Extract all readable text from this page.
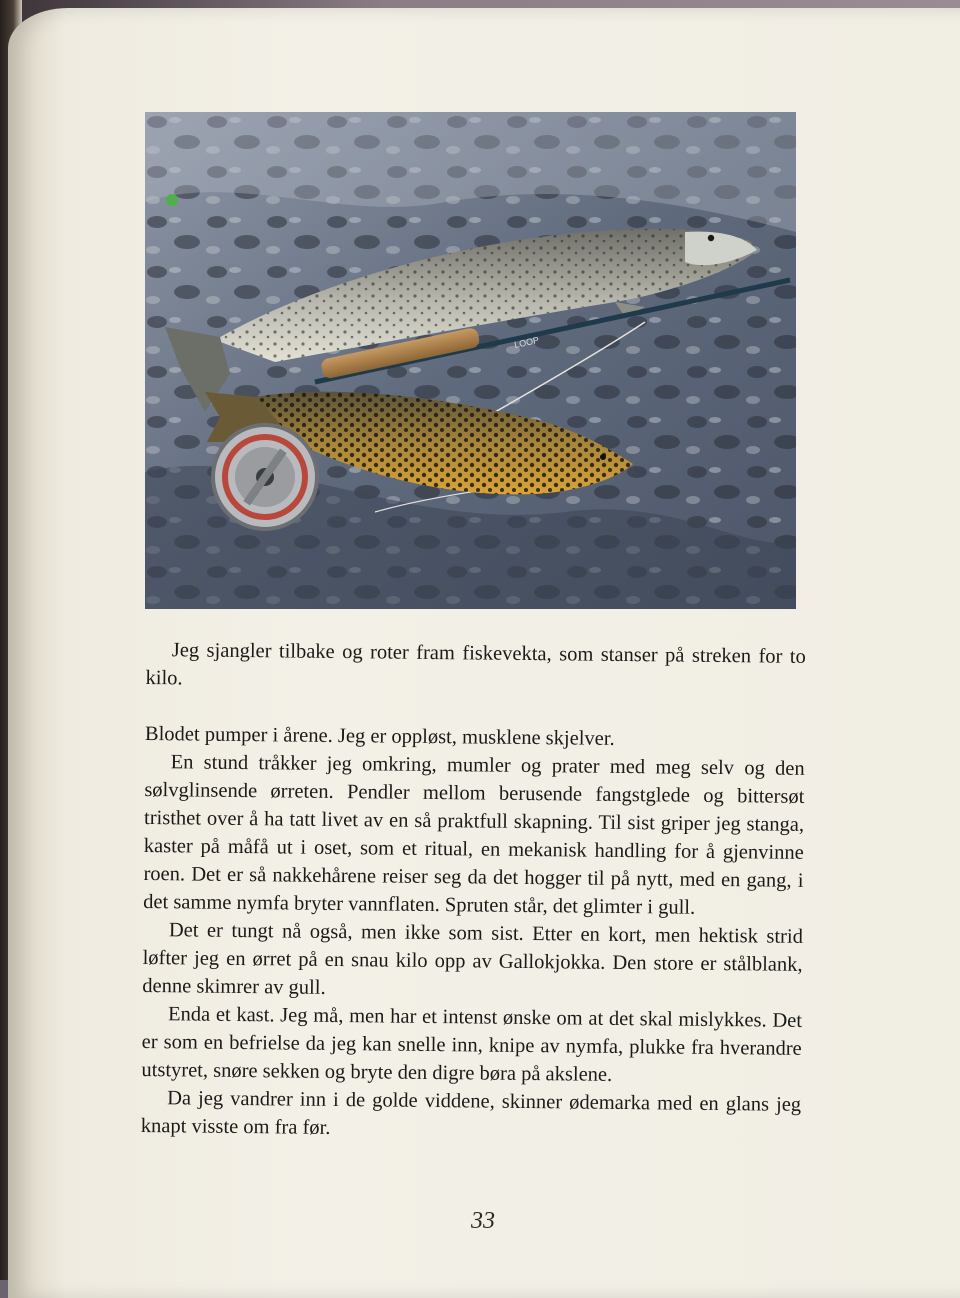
LOOP

Jeg sjangler tilbake og roter fram fiskevekta, som stanser på streken for to kilo.

Blodet pumper i årene. Jeg er oppløst, musklene skjelver.

En stund tråkker jeg omkring, mumler og prater med meg selv og den sølvglinsende ørreten. Pendler mellom berusende fangstglede og bittersøt tristhet over å ha tatt livet av en så praktfull skapning. Til sist griper jeg stanga, kaster på måfå ut i oset, som et ritual, en mekanisk handling for å gjenvinne roen. Det er så nakkehårene reiser seg da det hogger til på nytt, med en gang, i det samme nymfa bryter vannflaten. Spruten står, det glimter i gull.

Det er tungt nå også, men ikke som sist. Etter en kort, men hektisk strid løfter jeg en ørret på en snau kilo opp av Gallokjokka. Den store er stålblank, denne skimrer av gull.

Enda et kast. Jeg må, men har et intenst ønske om at det skal mislykkes. Det er som en befrielse da jeg kan snelle inn, knipe av nymfa, plukke fra hverandre utstyret, snøre sekken og bryte den digre børa på akslene.

Da jeg vandrer inn i de golde viddene, skinner ødemarka med en glans jeg knapt visste om fra før.

33
